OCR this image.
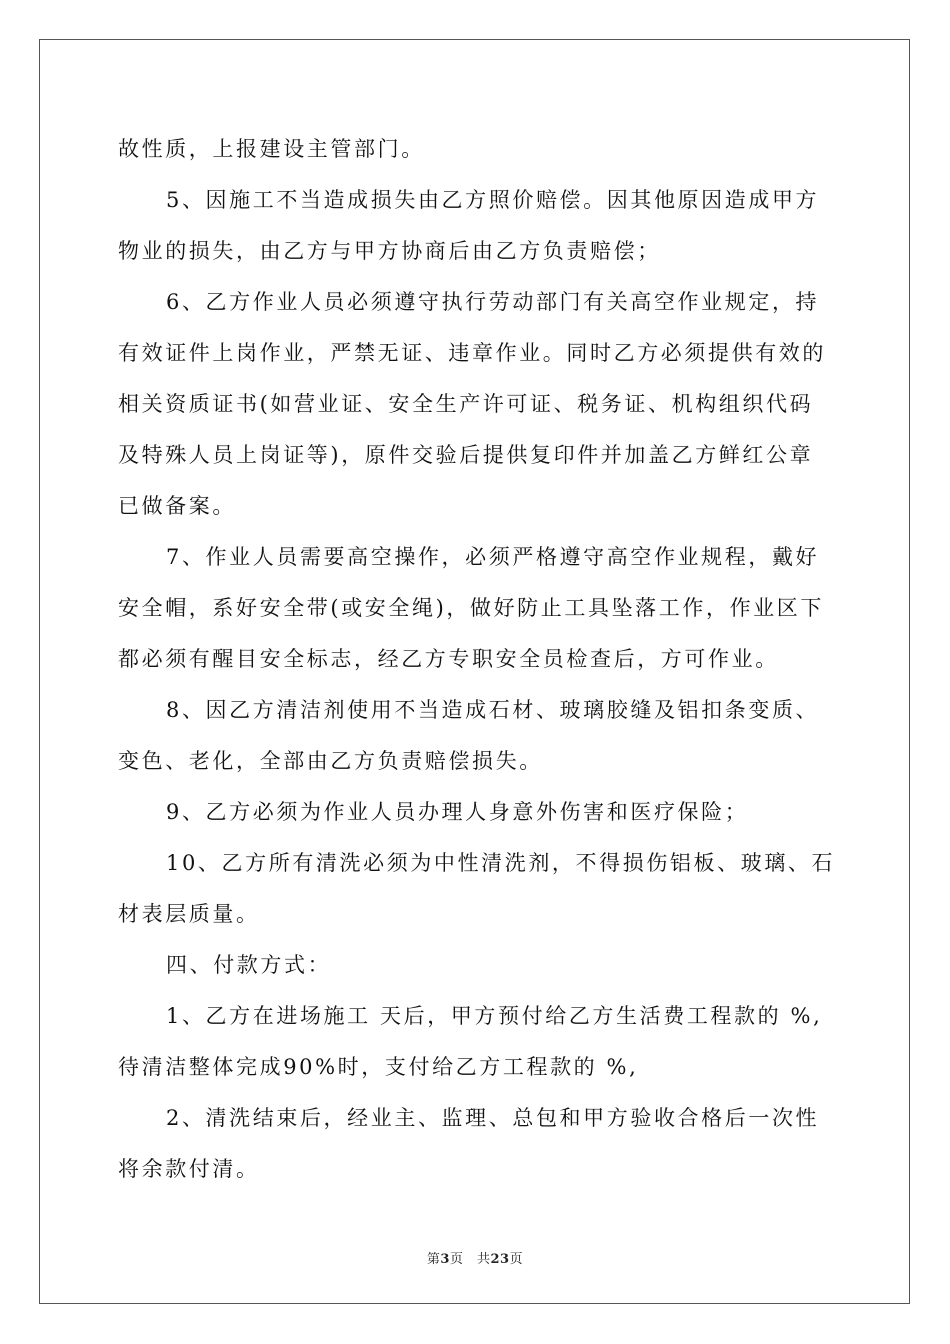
故性质，上报建设主管部门。
5、因施工不当造成损失由乙方照价赔偿。因其他原因造成甲方
物业的损失，由乙方与甲方协商后由乙方负责赔偿；
6、乙方作业人员必须遵守执行劳动部门有关高空作业规定，持
有效证件上岗作业，严禁无证、违章作业。同时乙方必须提供有效的
相关资质证书(如营业证、安全生产许可证、税务证、机构组织代码
及特殊人员上岗证等)，原件交验后提供复印件并加盖乙方鲜红公章
已做备案。
7、作业人员需要高空操作，必须严格遵守高空作业规程，戴好
安全帽，系好安全带(或安全绳)，做好防止工具坠落工作，作业区下
都必须有醒目安全标志，经乙方专职安全员检查后，方可作业。
8、因乙方清洁剂使用不当造成石材、玻璃胶缝及铝扣条变质、
变色、老化，全部由乙方负责赔偿损失。
9、乙方必须为作业人员办理人身意外伤害和医疗保险；
10、乙方所有清洗必须为中性清洗剂，不得损伤铝板、玻璃、石
材表层质量。
四、付款方式：
1、乙方在进场施工 天后，甲方预付给乙方生活费工程款的 %,
待清洁整体完成90%时，支付给乙方工程款的 %,
2、清洗结束后，经业主、监理、总包和甲方验收合格后一次性
将余款付清。
第3页　共23页
